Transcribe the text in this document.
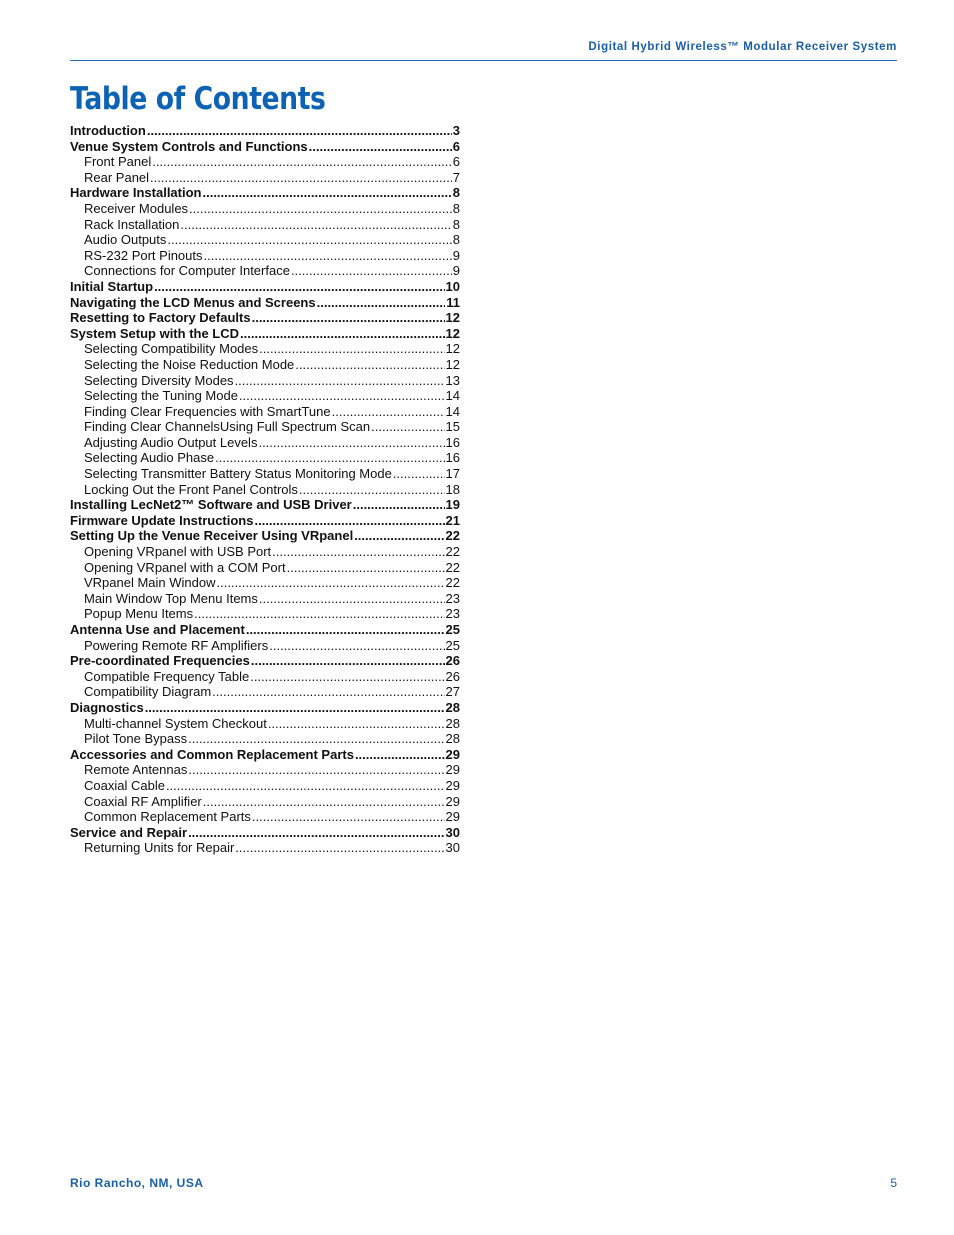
Digital Hybrid Wireless™ Modular Receiver System
Table of Contents
Introduction .....	3
Venue System Controls and Functions .....	6
Front Panel .....	6
Rear Panel .....	7
Hardware Installation .....	8
Receiver Modules .....	8
Rack Installation .....	8
Audio Outputs .....	8
RS-232 Port Pinouts .....	9
Connections for Computer Interface .....	9
Initial Startup .....	10
Navigating the LCD Menus and Screens .....	11
Resetting to Factory Defaults .....	12
System Setup with the LCD .....	12
Selecting Compatibility Modes .....	12
Selecting the Noise Reduction Mode .....	12
Selecting Diversity Modes .....	13
Selecting the Tuning Mode .....	14
Finding Clear Frequencies with SmartTune .....	14
Finding Clear ChannelsUsing Full Spectrum Scan .....	15
Adjusting Audio Output Levels .....	16
Selecting Audio Phase .....	16
Selecting Transmitter Battery Status Monitoring Mode .....	17
Locking Out the Front Panel Controls .....	18
Installing LecNet2™ Software and USB Driver .....	19
Firmware Update Instructions .....	21
Setting Up the Venue Receiver Using VRpanel .....	22
Opening VRpanel with USB Port .....	22
Opening VRpanel with a COM Port .....	22
VRpanel Main Window .....	22
Main Window Top Menu Items .....	23
Popup Menu Items .....	23
Antenna Use and Placement .....	25
Powering Remote RF Amplifiers .....	25
Pre-coordinated Frequencies .....	26
Compatible Frequency Table .....	26
Compatibility Diagram .....	27
Diagnostics .....	28
Multi-channel System Checkout .....	28
Pilot Tone Bypass .....	28
Accessories and Common Replacement Parts .....	29
Remote Antennas .....	29
Coaxial Cable .....	29
Coaxial RF Amplifier .....	29
Common Replacement Parts .....	29
Service and Repair .....	30
Returning Units for Repair .....	30
Rio Rancho, NM, USA	5
